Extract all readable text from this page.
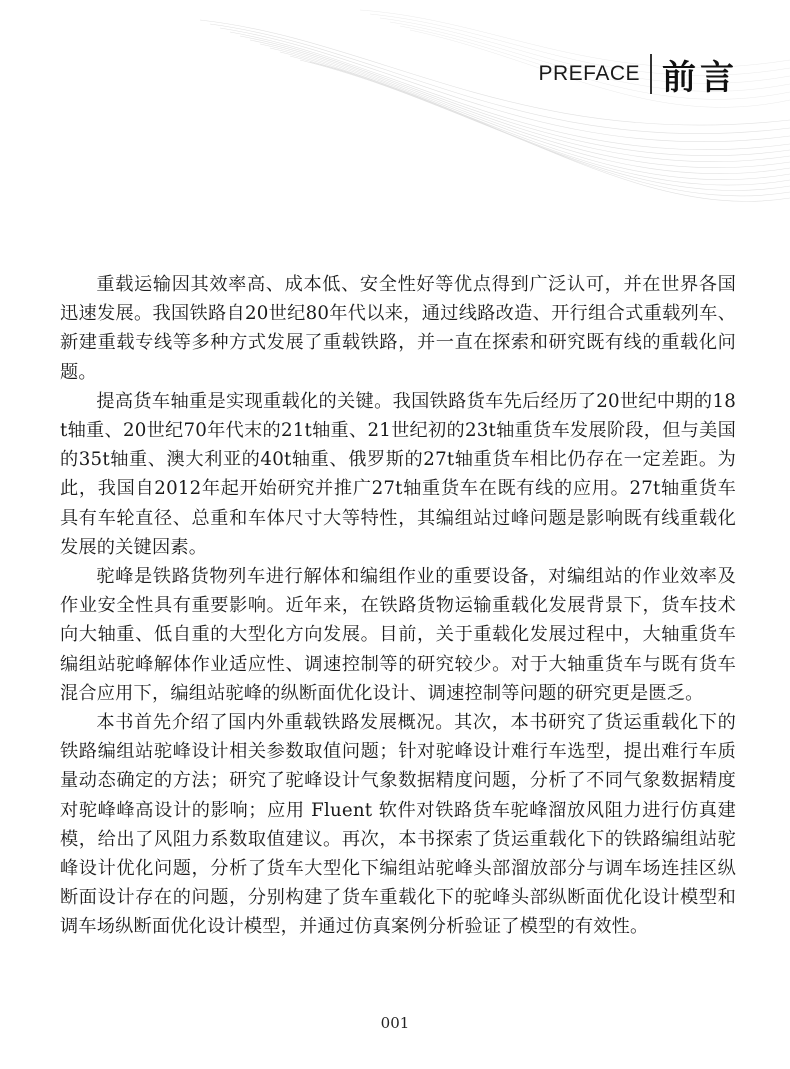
PREFACE 前言

重载运输因其效率高、成本低、安全性好等优点得到广泛认可，并在世界各国迅速发展。我国铁路自20世纪80年代以来，通过线路改造、开行组合式重载列车、新建重载专线等多种方式发展了重载铁路，并一直在探索和研究既有线的重载化问题。

提高货车轴重是实现重载化的关键。我国铁路货车先后经历了20世纪中期的18 t轴重、20世纪70年代末的21t轴重、21世纪初的23t轴重货车发展阶段，但与美国的35t轴重、澳大利亚的40t轴重、俄罗斯的27t轴重货车相比仍存在一定差距。为此，我国自2012年起开始研究并推广27t轴重货车在既有线的应用。27t轴重货车具有车轮直径、总重和车体尺寸大等特性，其编组站过峰问题是影响既有线重载化发展的关键因素。

驼峰是铁路货物列车进行解体和编组作业的重要设备，对编组站的作业效率及作业安全性具有重要影响。近年来，在铁路货物运输重载化发展背景下，货车技术向大轴重、低自重的大型化方向发展。目前，关于重载化发展过程中，大轴重货车编组站驼峰解体作业适应性、调速控制等的研究较少。对于大轴重货车与既有货车混合应用下，编组站驼峰的纵断面优化设计、调速控制等问题的研究更是匮乏。

本书首先介绍了国内外重载铁路发展概况。其次，本书研究了货运重载化下的铁路编组站驼峰设计相关参数取值问题；针对驼峰设计难行车选型，提出难行车质量动态确定的方法；研究了驼峰设计气象数据精度问题，分析了不同气象数据精度对驼峰峰高设计的影响；应用 Fluent 软件对铁路货车驼峰溜放风阻力进行仿真建模，给出了风阻力系数取值建议。再次，本书探索了货运重载化下的铁路编组站驼峰设计优化问题，分析了货车大型化下编组站驼峰头部溜放部分与调车场连挂区纵断面设计存在的问题，分别构建了货车重载化下的驼峰头部纵断面优化设计模型和调车场纵断面优化设计模型，并通过仿真案例分析验证了模型的有效性。

001
